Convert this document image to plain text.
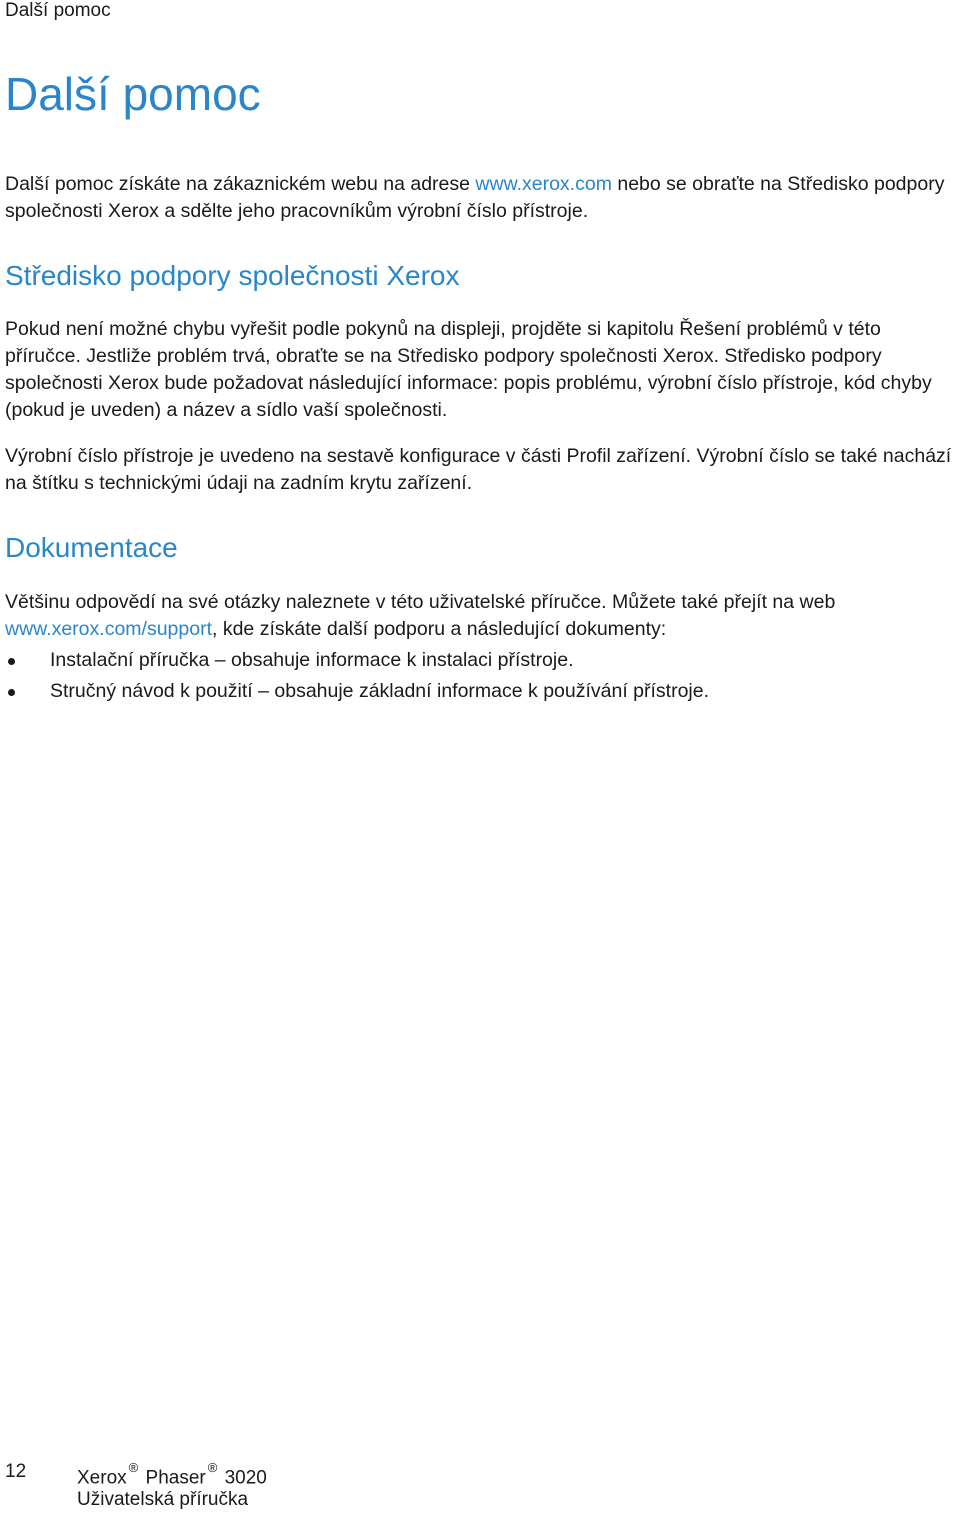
Další pomoc
Další pomoc

Další pomoc získáte na zákaznickém webu na adrese www.xerox.com nebo se obraťte na Středisko podpory společnosti Xerox a sdělte jeho pracovníkům výrobní číslo přístroje.

Středisko podpory společnosti Xerox

Pokud není možné chybu vyřešit podle pokynů na displeji, projděte si kapitolu Řešení problémů v této příručce. Jestliže problém trvá, obraťte se na Středisko podpory společnosti Xerox. Středisko podpory společnosti Xerox bude požadovat následující informace: popis problému, výrobní číslo přístroje, kód chyby (pokud je uveden) a název a sídlo vaší společnosti.

Výrobní číslo přístroje je uvedeno na sestavě konfigurace v části Profil zařízení. Výrobní číslo se také nachází na štítku s technickými údaji na zadním krytu zařízení.

Dokumentace

Většinu odpovědí na své otázky naleznete v této uživatelské příručce. Můžete také přejít na web www.xerox.com/support, kde získáte další podporu a následující dokumenty:

Instalační příručka – obsahuje informace k instalaci přístroje.
Stručný návod k použití – obsahuje základní informace k používání přístroje.
12	Xerox ® Phaser ® 3020
Uživatelská příručka
